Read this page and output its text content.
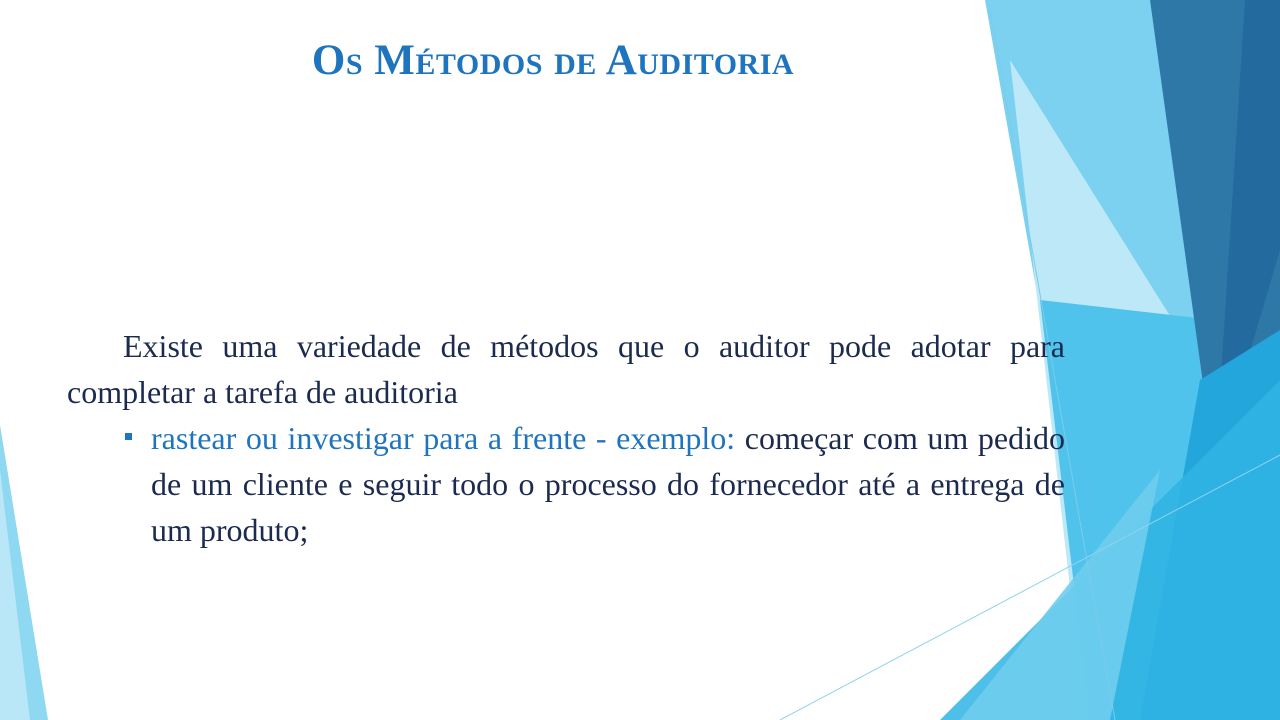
Os Métodos de Auditoria

Existe uma variedade de métodos que o auditor pode adotar para completar a tarefa de auditoria

rastear ou investigar para a frente - exemplo: começar com um pedido de um cliente e seguir todo o processo do fornecedor até a entrega de um produto;
